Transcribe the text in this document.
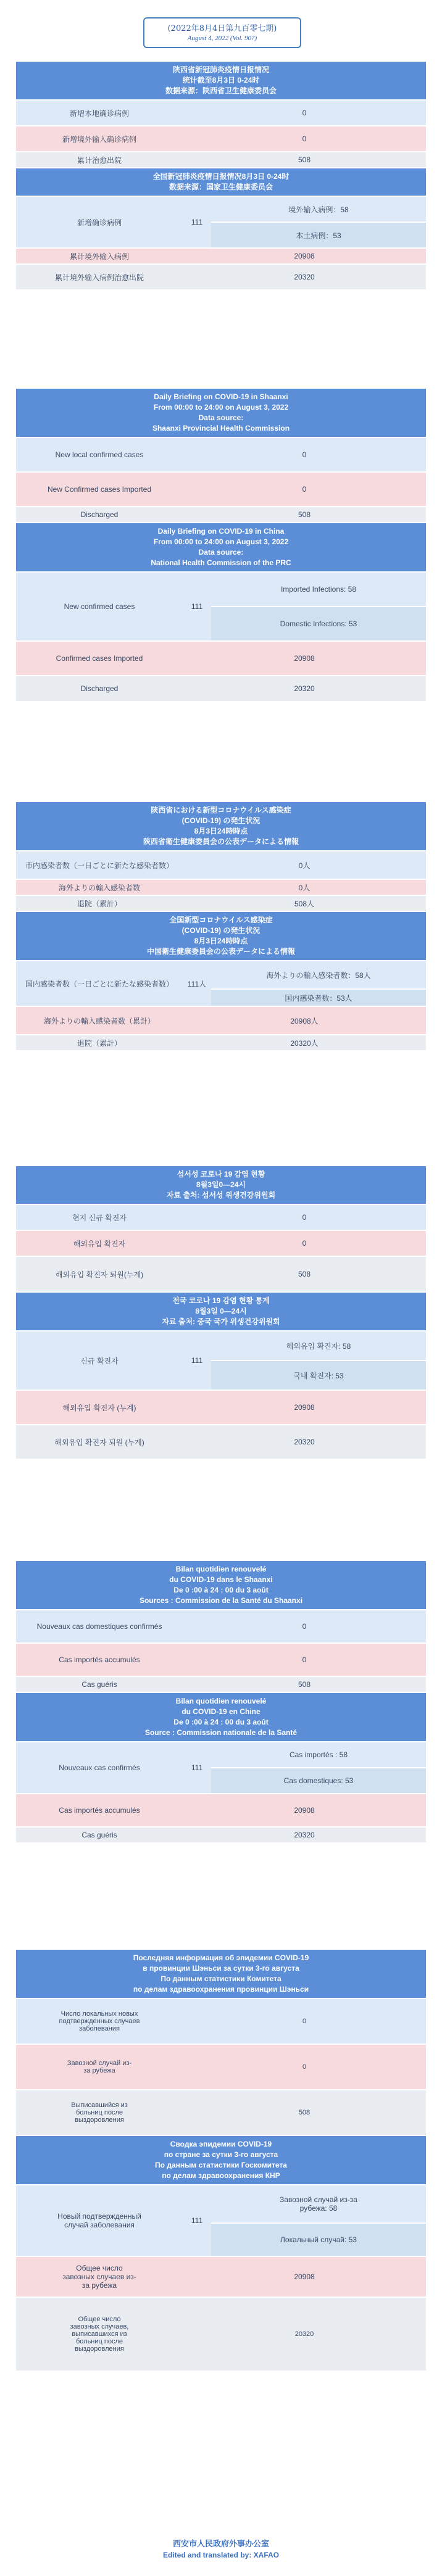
(2022年8月4日第九百零七期)
August 4, 2022 (Vol. 907)
陕西省新冠肺炎疫情日报情况
统计截至8月3日 0-24时
数据来源：陕西省卫生健康委员会
新增本地确诊病例	0
新增境外输入确诊病例	0
累计治愈出院	508
全国新冠肺炎疫情日报情况8月3日 0-24时
数据来源：国家卫生健康委员会
新增确诊病例	111	境外输入病例：58
		本土病例：53
累计境外输入病例	20908	
累计境外输入病例治愈出院	20320	
Daily Briefing on COVID-19 in Shaanxi
From 00:00 to 24:00 on August 3, 2022
Data source:
Shaanxi Provincial Health Commission
New local confirmed cases	0
New Confirmed cases Imported	0
Discharged	508
Daily Briefing on COVID-19 in China
From 00:00 to 24:00 on August 3, 2022
Data source:
National Health Commission of the PRC
New confirmed cases	111	Imported Infections: 58
		Domestic Infections: 53
Confirmed cases Imported	20908	
Discharged	20320	
陝西省における新型コロナウイルス感染症
(COVID-19) の発生状況
8月3日24時時点
陝西省衛生健康委員会の公表データによる情報
市内感染者数（一日ごとに新たな感染者数）	0人
海外よりの輸入感染者数	0人
退院（累計）	508人
全国新型コロナウイルス感染症
(COVID-19) の発生状況
8月3日24時時点
中国衛生健康委員会の公表データによる情報
国内感染者数（一日ごとに新たな感染者数）	111人	海外よりの輸入感染者数：58人
		国内感染者数：53人
海外よりの輸入感染者数（累計）	20908人	
退院（累計）	20320人	
섬서성 코로나 19 감염 현황
8월3일0—24시
자료 출처: 섬서성 위생건강위원회
현지 신규 확진자	0
해외유입 확진자	0
해외유입 확진자 퇴원(누계)	508
전국 코로나 19 감염 현황 통계
8월3일 0—24시
자료 출처: 중국 국가 위생건강위원회
신규 확진자	111	해외유입 확진자: 58
		국내 확진자: 53
해외유입 확진자 (누계)	20908	
해외유입 확진자 퇴원 (누계)	20320	
Bilan quotidien renouvelé
du COVID-19 dans le Shaanxi
De 0 :00 à 24 : 00 du 3 août
Sources : Commission de la Santé du Shaanxi
Nouveaux cas domestiques confirmés	0
Cas importés accumulés	0
Cas guéris	508
Bilan quotidien renouvelé
du COVID-19 en Chine
De 0 :00 à 24 : 00 du 3 août
Source : Commission nationale de la Santé
Nouveaux cas confirmés	111	Cas importés : 58
		Cas domestiques: 53
Cas importés accumulés	20908	
Cas guéris	20320	
Последняя информация об эпидемии COVID-19
в провинции Шэньси за сутки 3-го августа
По данным статистики Комитета
по делам здравоохранения провинции Шэньси
Число локальных новых подтвержденных случаев заболевания	0
Завозной случай из-за рубежа	0
Выписавшийся из больниц после выздоровления	508
Сводка эпидемии COVID-19
по стране за сутки 3-го августа
По данным статистики Госкомитета
по делам здравоохранения КНР
Новый подтвержденный случай заболевания	111	Завозной случай из-за рубежа: 58
		Локальный случай: 53
Общее число завозных случаев из-за рубежа	20908	
Общее число завозных случаев, выписавшихся из больниц после выздоровления	20320	
西安市人民政府外事办公室
Edited and translated by: XAFAO
